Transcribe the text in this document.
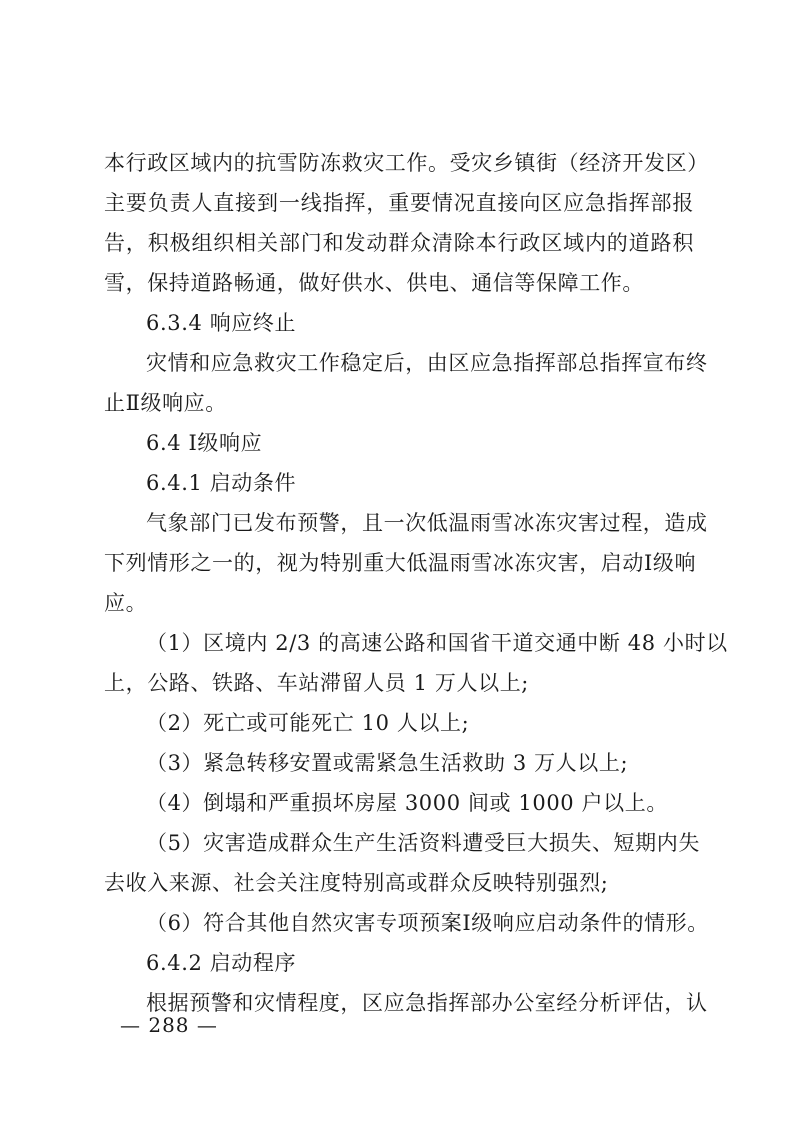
本行政区域内的抗雪防冻救灾工作。受灾乡镇街（经济开发区）
主要负责人直接到一线指挥，重要情况直接向区应急指挥部报
告，积极组织相关部门和发动群众清除本行政区域内的道路积
雪，保持道路畅通，做好供水、供电、通信等保障工作。
6.3.4 响应终止
灾情和应急救灾工作稳定后，由区应急指挥部总指挥宣布终
止Ⅱ级响应。
6.4 Ⅰ级响应
6.4.1 启动条件
气象部门已发布预警，且一次低温雨雪冰冻灾害过程，造成
下列情形之一的，视为特别重大低温雨雪冰冻灾害，启动Ⅰ级响
应。
（1）区境内 2/3 的高速公路和国省干道交通中断 48 小时以
上，公路、铁路、车站滞留人员 1 万人以上;
（2）死亡或可能死亡 10 人以上;
（3）紧急转移安置或需紧急生活救助 3 万人以上;
（4）倒塌和严重损坏房屋 3000 间或 1000 户以上。
（5）灾害造成群众生产生活资料遭受巨大损失、短期内失
去收入来源、社会关注度特别高或群众反映特别强烈;
（6）符合其他自然灾害专项预案Ⅰ级响应启动条件的情形。
6.4.2 启动程序
根据预警和灾情程度，区应急指挥部办公室经分析评估，认
— 288 —
